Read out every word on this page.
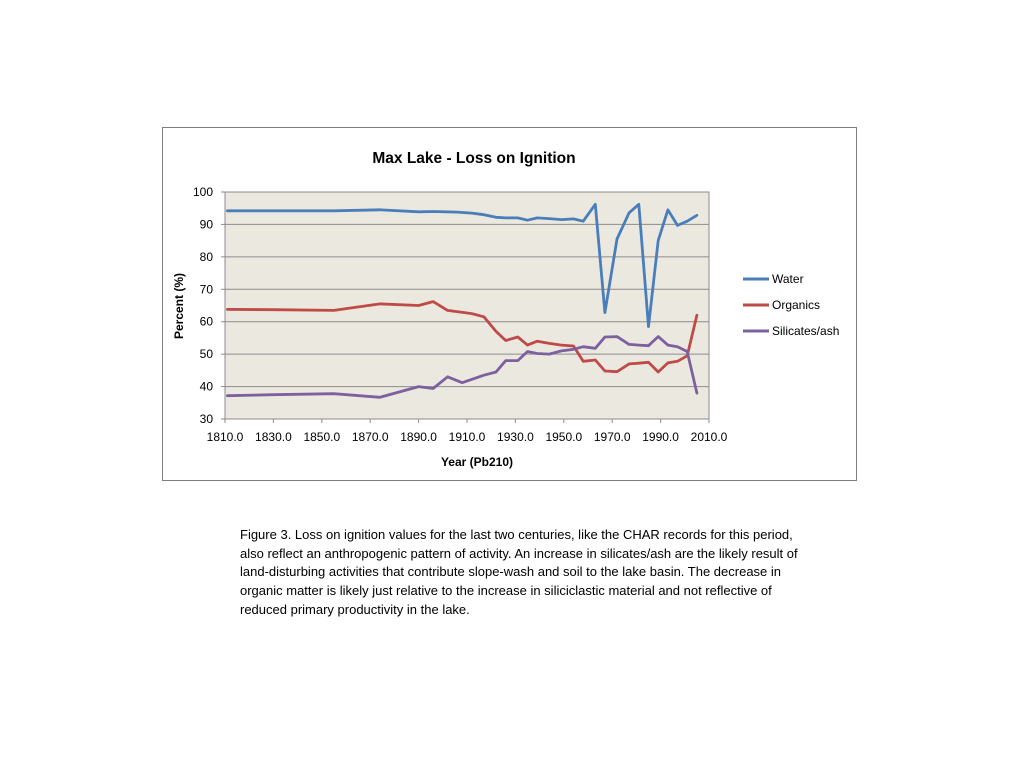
Max Lake - Loss on Ignition
30
40
50
60
70
80
90
100
1810.0 1830.0 1850.0 1870.0 1890.0 1910.0 1930.0 1950.0 1970.0 1990.0 2010.0
Percent (%)
Year (Pb210)
Water
Organics
Silicates/ash

Figure 3. Loss on ignition values for the last two centuries, like the CHAR records for this period, also reflect an anthropogenic pattern of activity. An increase in silicates/ash are the likely result of land-disturbing activities that contribute slope-wash and soil to the lake basin. The decrease in organic matter is likely just relative to the increase in siliciclastic material and not reflective of reduced primary productivity in the lake.
